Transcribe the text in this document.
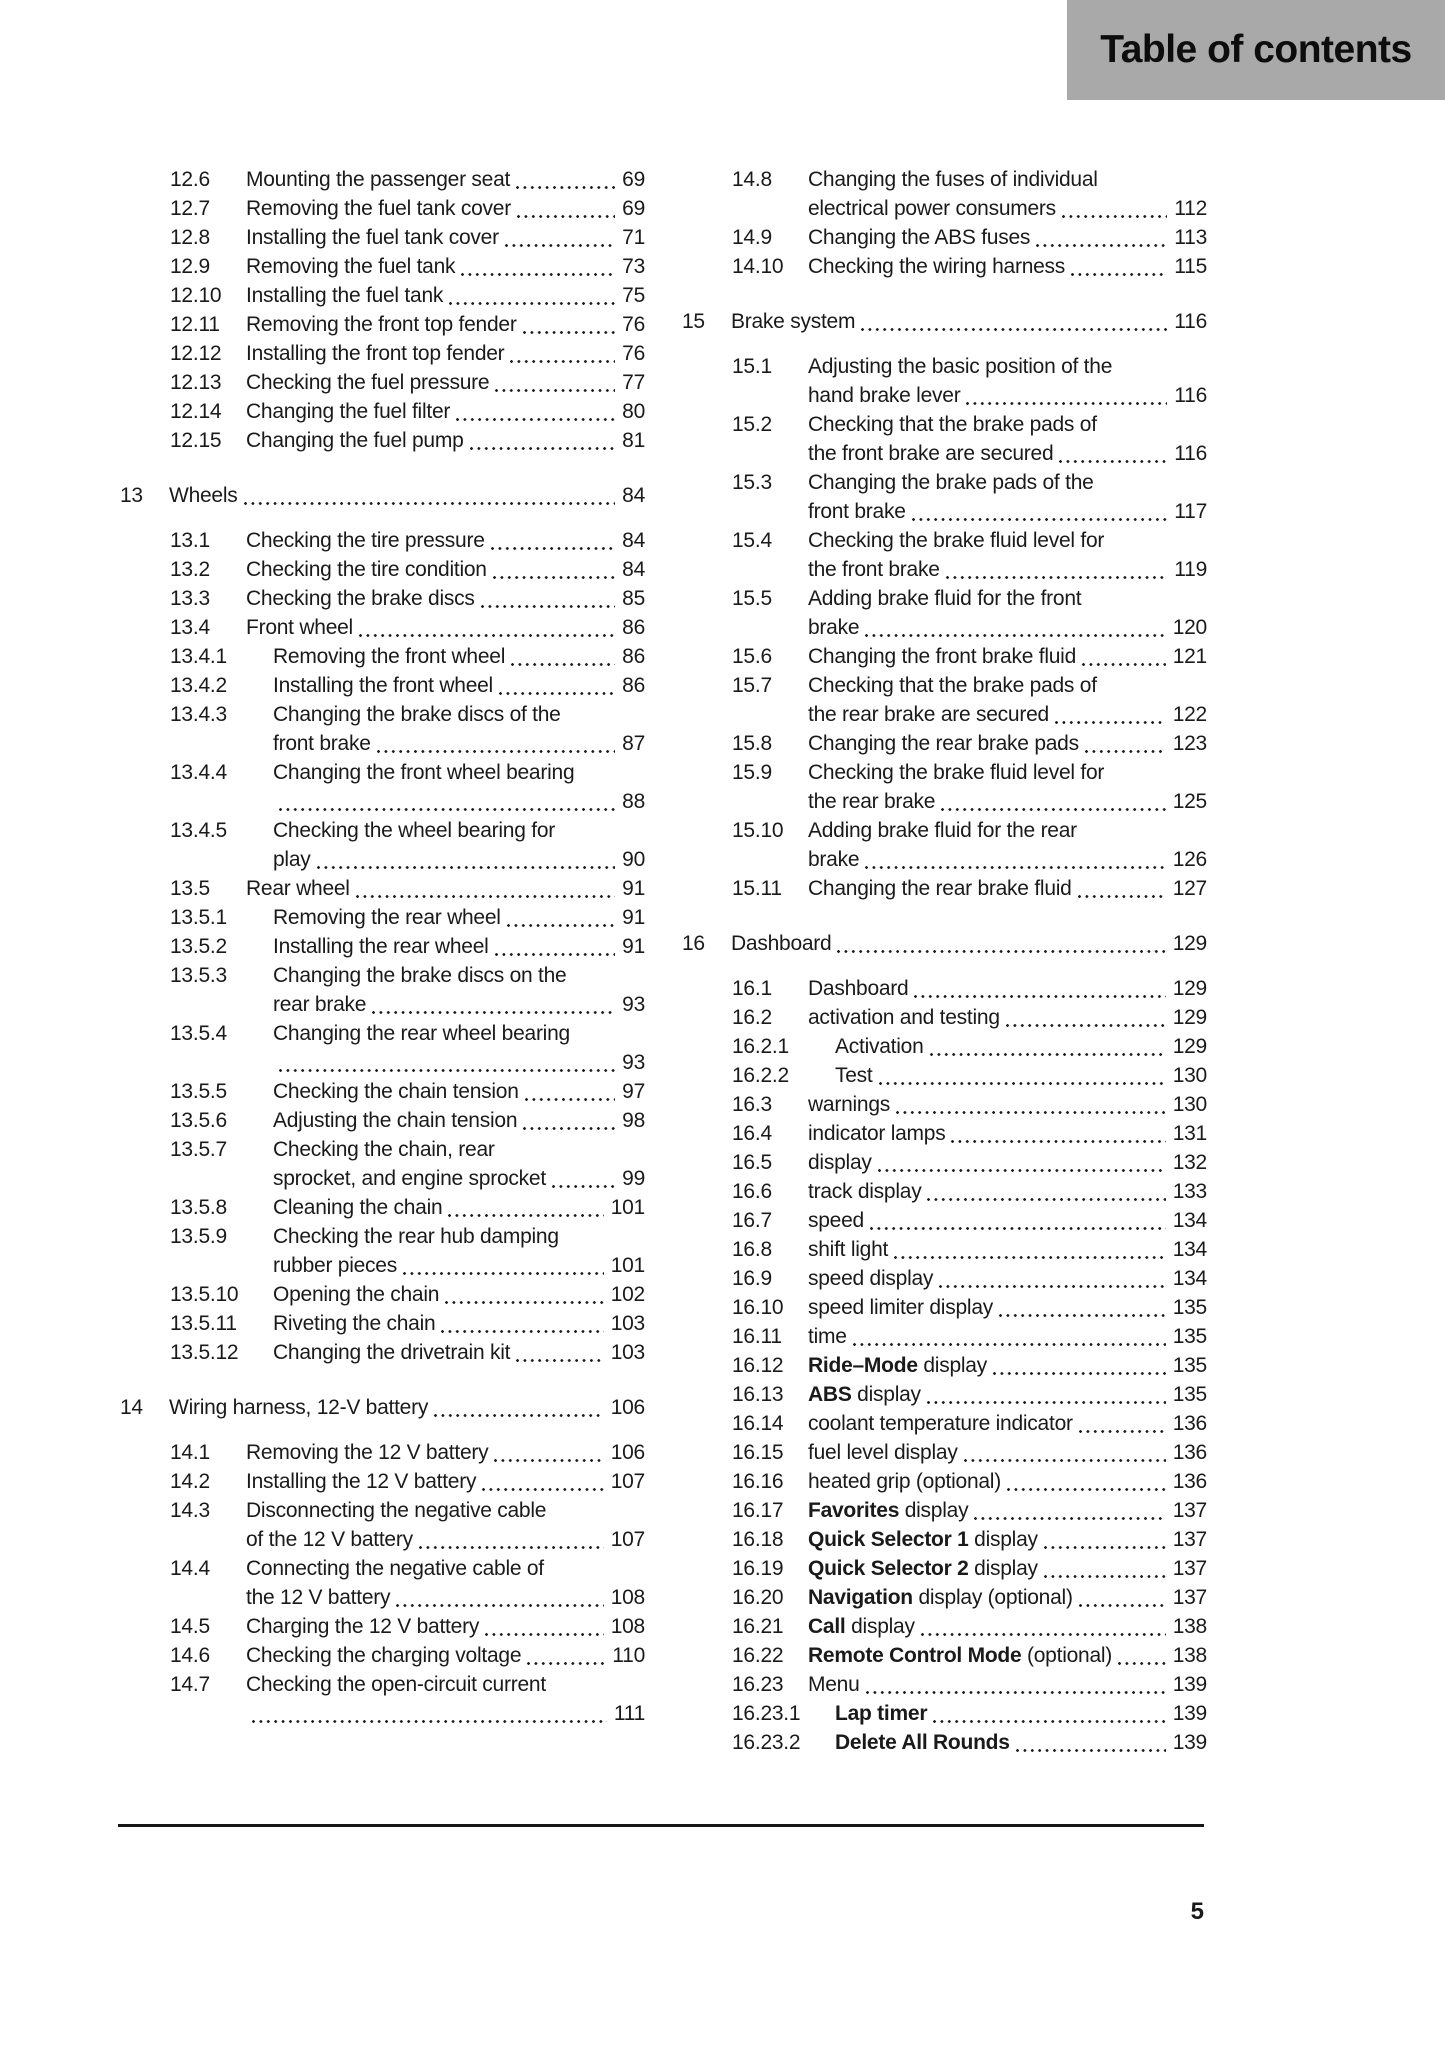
Table of contents
12.6	Mounting the passenger seat	69
12.7	Removing the fuel tank cover	69
12.8	Installing the fuel tank cover	71
12.9	Removing the fuel tank	73
12.10	Installing the fuel tank	75
12.11	Removing the front top fender	76
12.12	Installing the front top fender	76
12.13	Checking the fuel pressure	77
12.14	Changing the fuel filter	80
12.15	Changing the fuel pump	81
13	Wheels	84
13.1	Checking the tire pressure	84
13.2	Checking the tire condition	84
13.3	Checking the brake discs	85
13.4	Front wheel	86
13.4.1	Removing the front wheel	86
13.4.2	Installing the front wheel	86
13.4.3	Changing the brake discs of the
front brake	87
13.4.4	Changing the front wheel bearing
88
13.4.5	Checking the wheel bearing for
play	90
13.5	Rear wheel	91
13.5.1	Removing the rear wheel	91
13.5.2	Installing the rear wheel	91
13.5.3	Changing the brake discs on the
rear brake	93
13.5.4	Changing the rear wheel bearing
93
13.5.5	Checking the chain tension	97
13.5.6	Adjusting the chain tension	98
13.5.7	Checking the chain, rear
sprocket, and engine sprocket	99
13.5.8	Cleaning the chain	101
13.5.9	Checking the rear hub damping
rubber pieces	101
13.5.10	Opening the chain	102
13.5.11	Riveting the chain	103
13.5.12	Changing the drivetrain kit	103
14	Wiring harness, 12-V battery	106
14.1	Removing the 12 V battery	106
14.2	Installing the 12 V battery	107
14.3	Disconnecting the negative cable
of the 12 V battery	107
14.4	Connecting the negative cable of
the 12 V battery	108
14.5	Charging the 12 V battery	108
14.6	Checking the charging voltage	110
14.7	Checking the open-circuit current
111
14.8	Changing the fuses of individual
electrical power consumers	112
14.9	Changing the ABS fuses	113
14.10	Checking the wiring harness	115
15	Brake system	116
15.1	Adjusting the basic position of the
hand brake lever	116
15.2	Checking that the brake pads of
the front brake are secured	116
15.3	Changing the brake pads of the
front brake	117
15.4	Checking the brake fluid level for
the front brake	119
15.5	Adding brake fluid for the front
brake	120
15.6	Changing the front brake fluid	121
15.7	Checking that the brake pads of
the rear brake are secured	122
15.8	Changing the rear brake pads	123
15.9	Checking the brake fluid level for
the rear brake	125
15.10	Adding brake fluid for the rear
brake	126
15.11	Changing the rear brake fluid	127
16	Dashboard	129
16.1	Dashboard	129
16.2	activation and testing	129
16.2.1	Activation	129
16.2.2	Test	130
16.3	warnings	130
16.4	indicator lamps	131
16.5	display	132
16.6	track display	133
16.7	speed	134
16.8	shift light	134
16.9	speed display	134
16.10	speed limiter display	135
16.11	time	135
16.12	Ride–Mode display	135
16.13	ABS display	135
16.14	coolant temperature indicator	136
16.15	fuel level display	136
16.16	heated grip (optional)	136
16.17	Favorites display	137
16.18	Quick Selector 1 display	137
16.19	Quick Selector 2 display	137
16.20	Navigation display (optional)	137
16.21	Call display	138
16.22	Remote Control Mode (optional)	138
16.23	Menu	139
16.23.1	Lap timer	139
16.23.2	Delete All Rounds	139
5
